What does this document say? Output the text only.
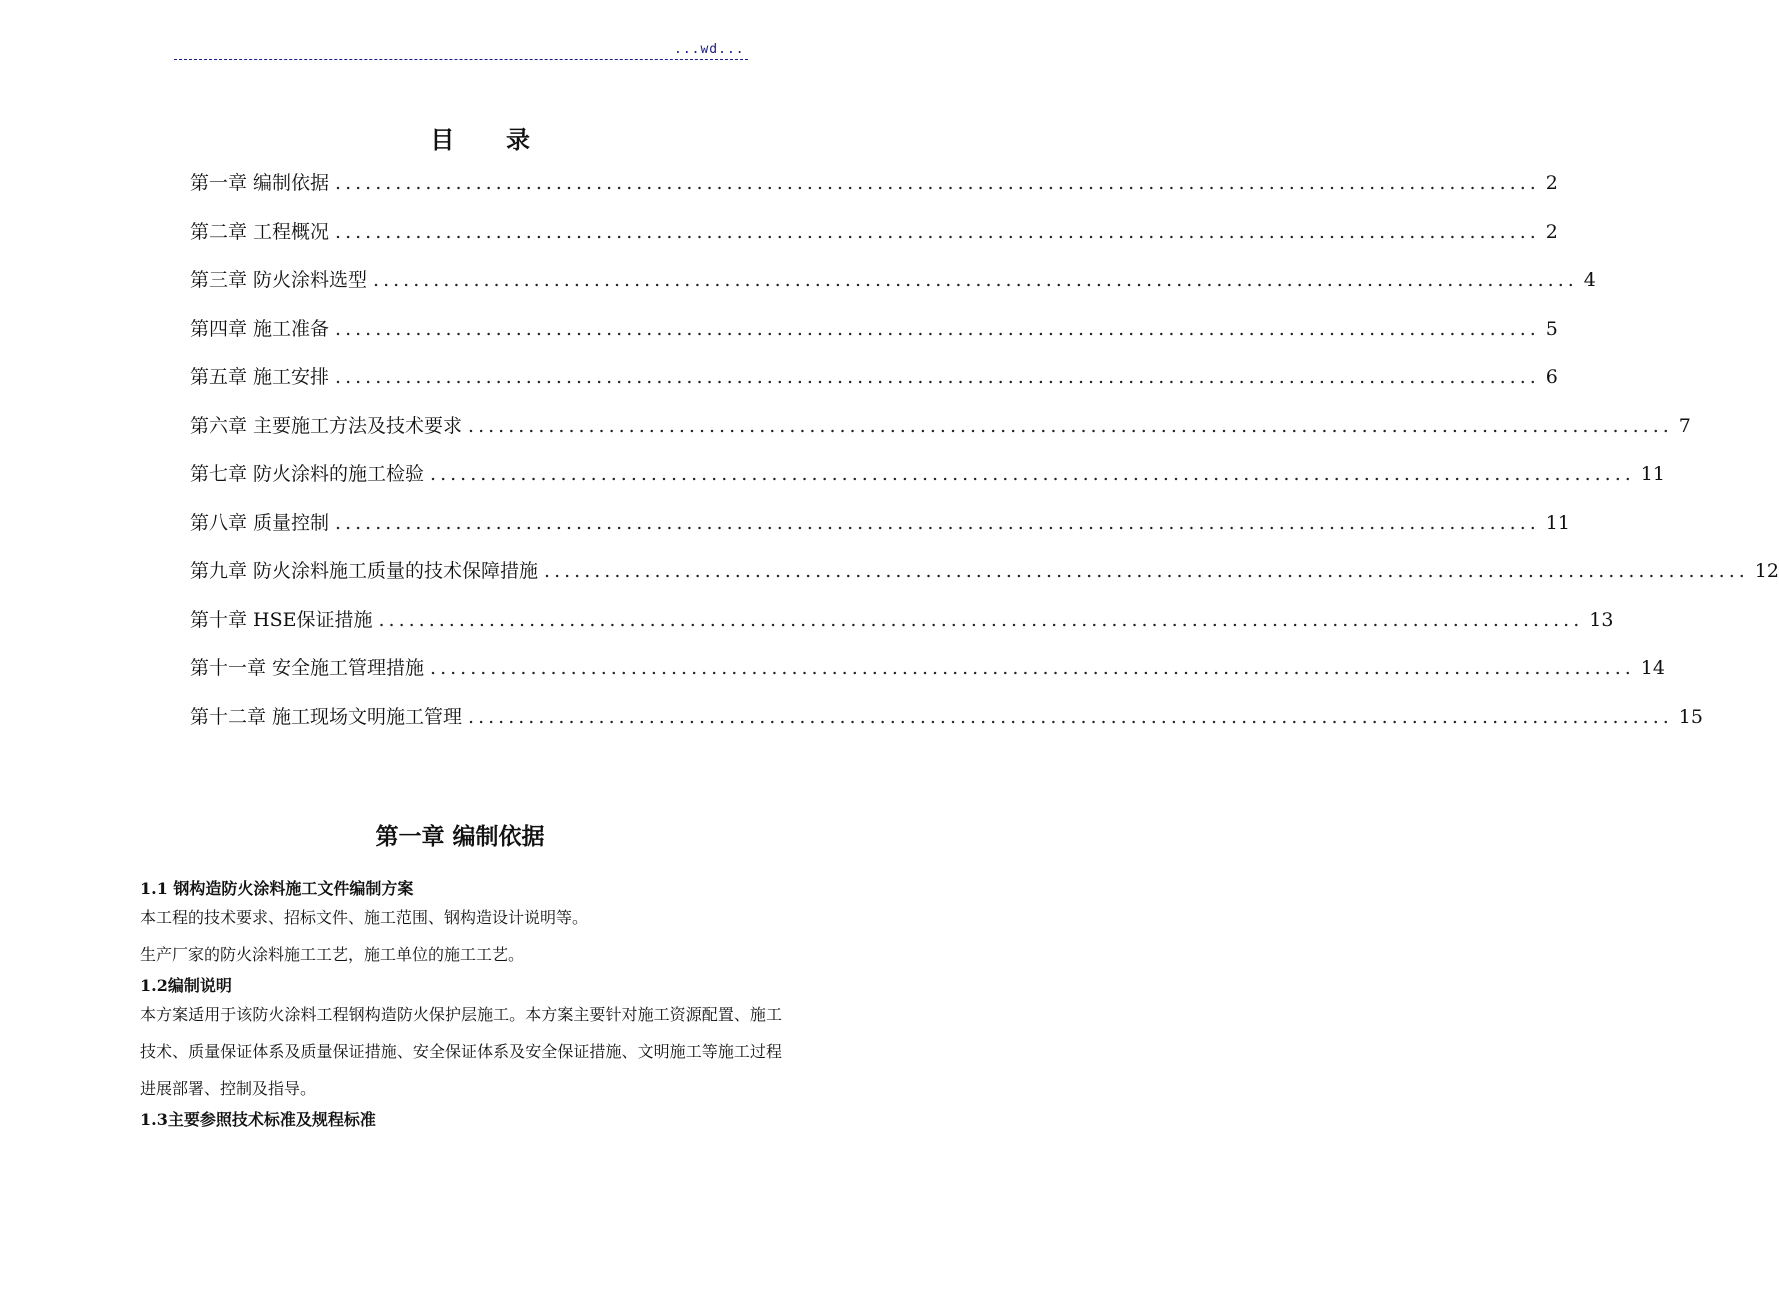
...wd...
目 录
第一章 编制依据 ........................................................................................................................ 2
第二章 工程概况 ........................................................................................................................ 2
第三章 防火涂料选型 ........................................................................................................................ 4
第四章 施工准备 ........................................................................................................................ 5
第五章 施工安排 ........................................................................................................................ 6
第六章 主要施工方法及技术要求 ........................................................................................................................ 7
第七章 防火涂料的施工检验 ........................................................................................................................ 11
第八章 质量控制 ........................................................................................................................ 11
第九章 防火涂料施工质量的技术保障措施 ........................................................................................................................ 12
第十章 HSE保证措施 ........................................................................................................................ 13
第十一章 安全施工管理措施 ........................................................................................................................ 14
第十二章 施工现场文明施工管理 ........................................................................................................................ 15
第一章 编制依据
1.1 钢构造防火涂料施工文件编制方案
本工程的技术要求、招标文件、施工范围、钢构造设计说明等。
生产厂家的防火涂料施工工艺，施工单位的施工工艺。
1.2编制说明
本方案适用于该防火涂料工程钢构造防火保护层施工。本方案主要针对施工资源配置、施工技术、质量保证体系及质量保证措施、安全保证体系及安全保证措施、文明施工等施工过程进展部署、控制及指导。
1.3主要参照技术标准及规程标准
